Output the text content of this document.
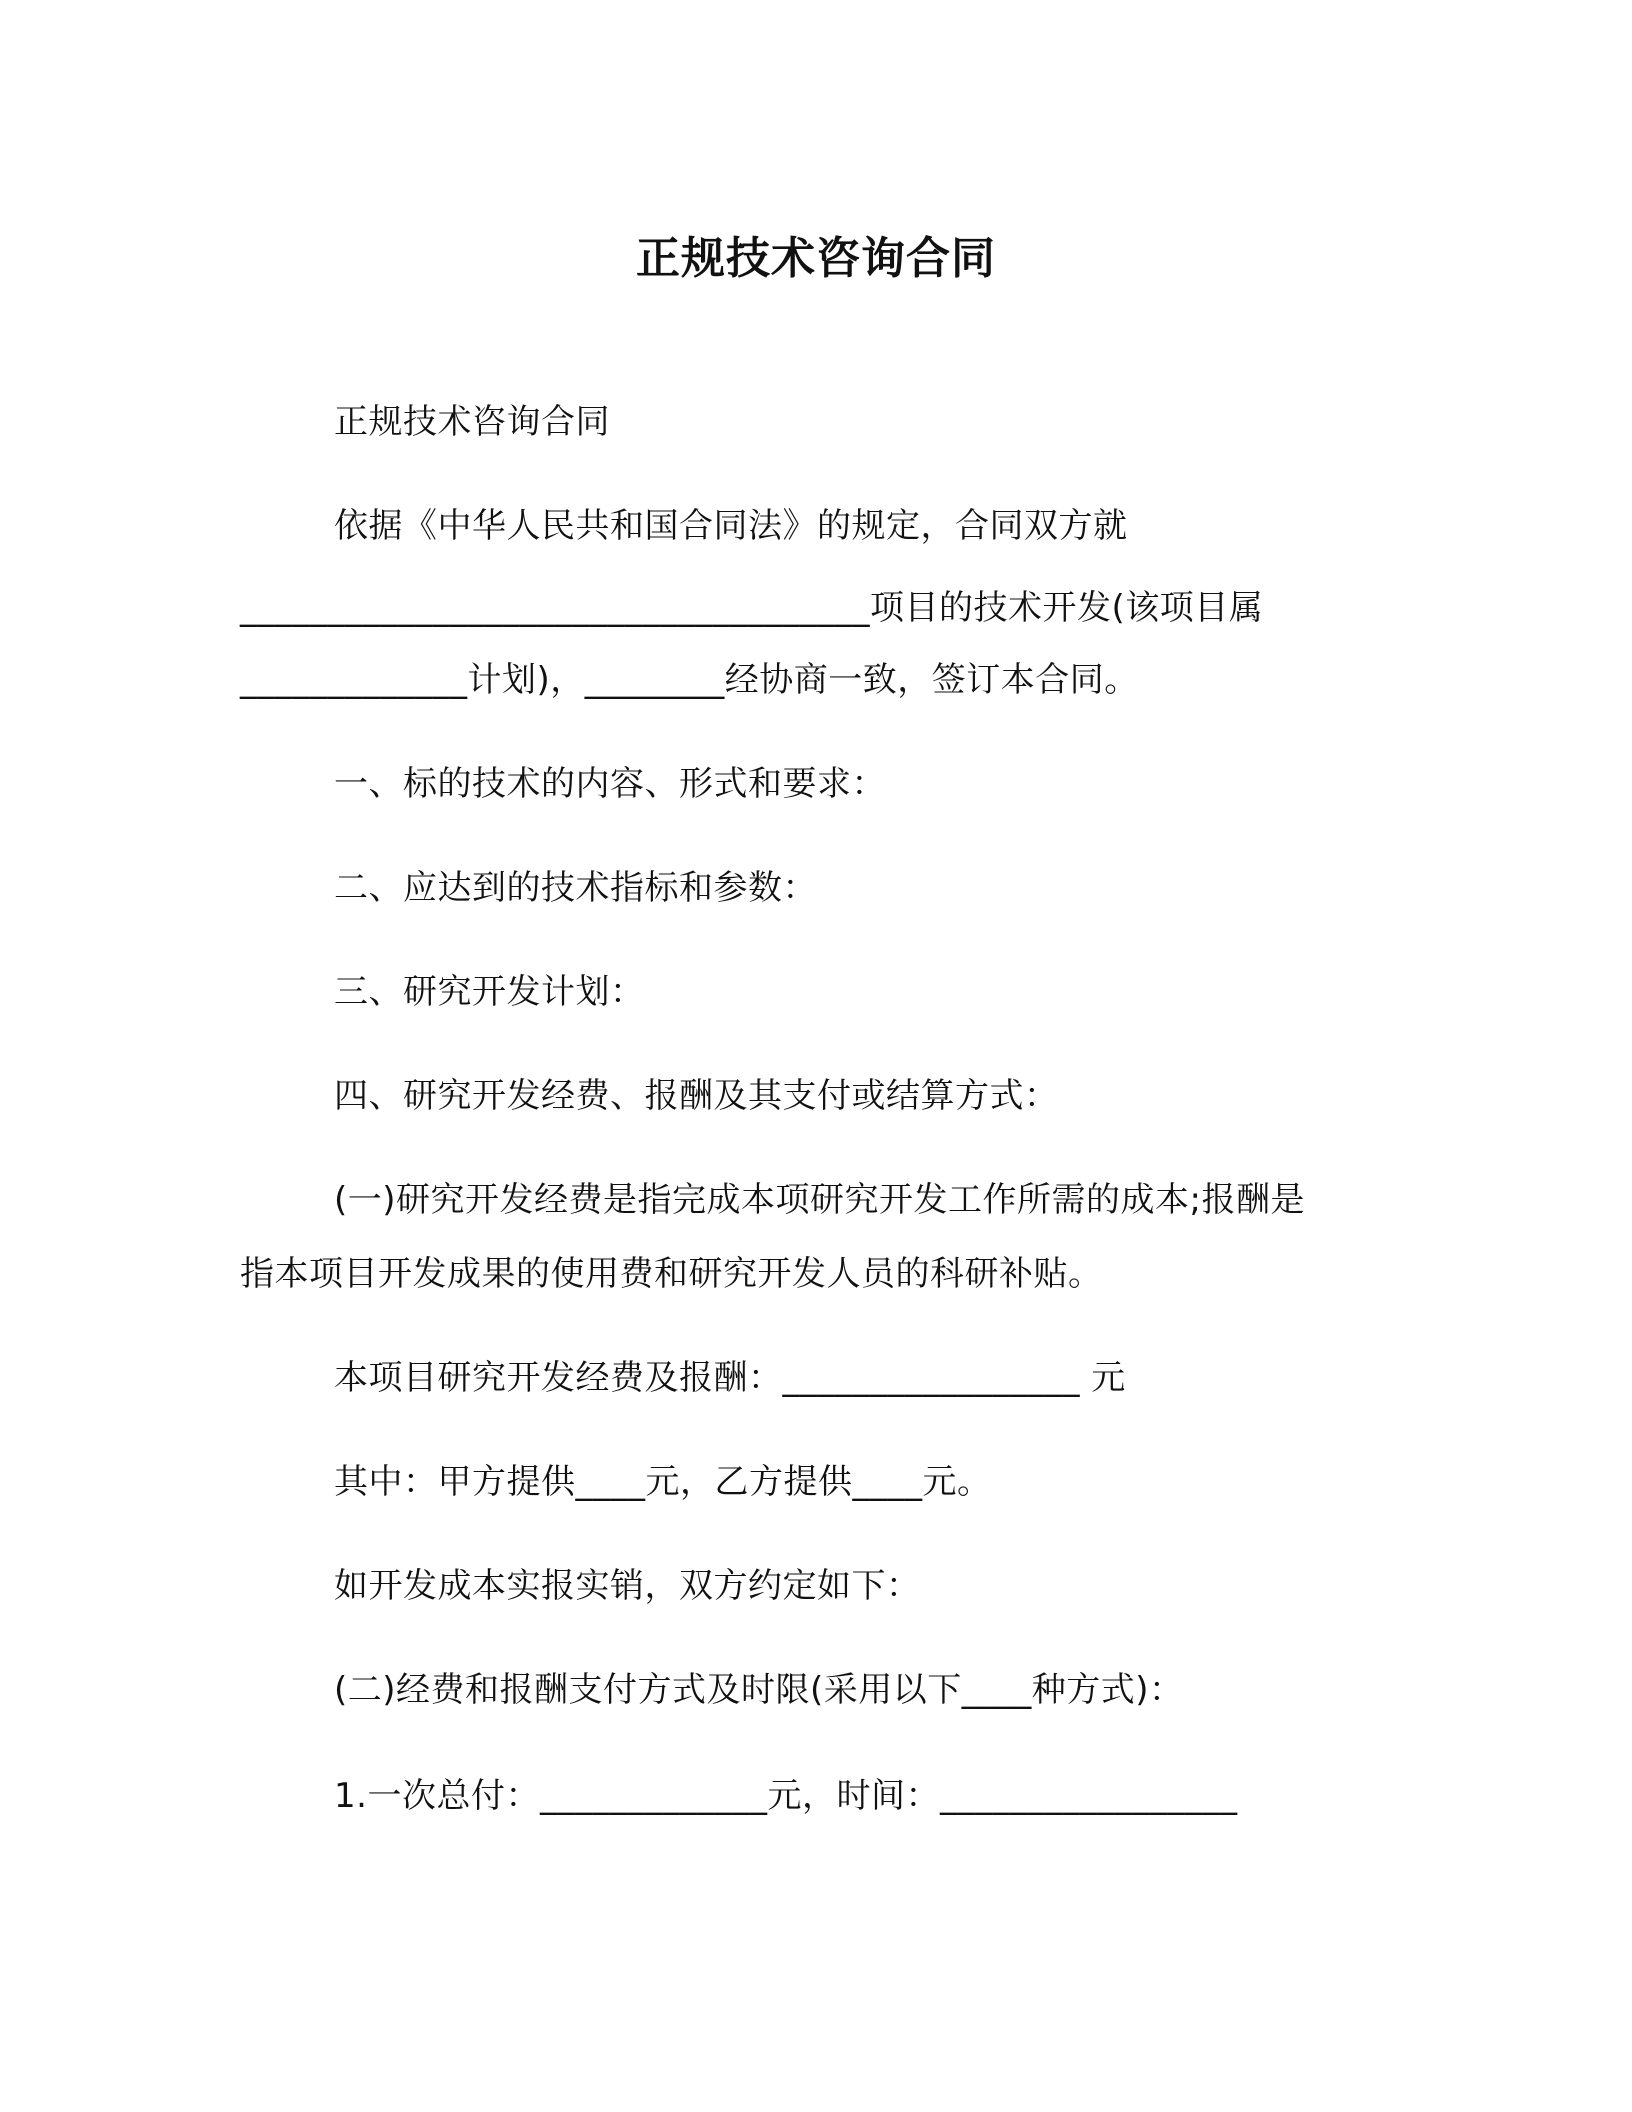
正规技术咨询合同
正规技术咨询合同
依据《中华人民共和国合同法》的规定，合同双方就
____________________________________项目的技术开发(该项目属
_____________计划)，________经协商一致，签订本合同。
一、标的技术的内容、形式和要求：
二、应达到的技术指标和参数：
三、研究开发计划：
四、研究开发经费、报酬及其支付或结算方式：
(一)研究开发经费是指完成本项研究开发工作所需的成本;报酬是
指本项目开发成果的使用费和研究开发人员的科研补贴。
本项目研究开发经费及报酬：_________________ 元
其中：甲方提供____元，乙方提供____元。
如开发成本实报实销，双方约定如下：
(二)经费和报酬支付方式及时限(采用以下____种方式)：
1.一次总付：_____________元，时间：_________________
